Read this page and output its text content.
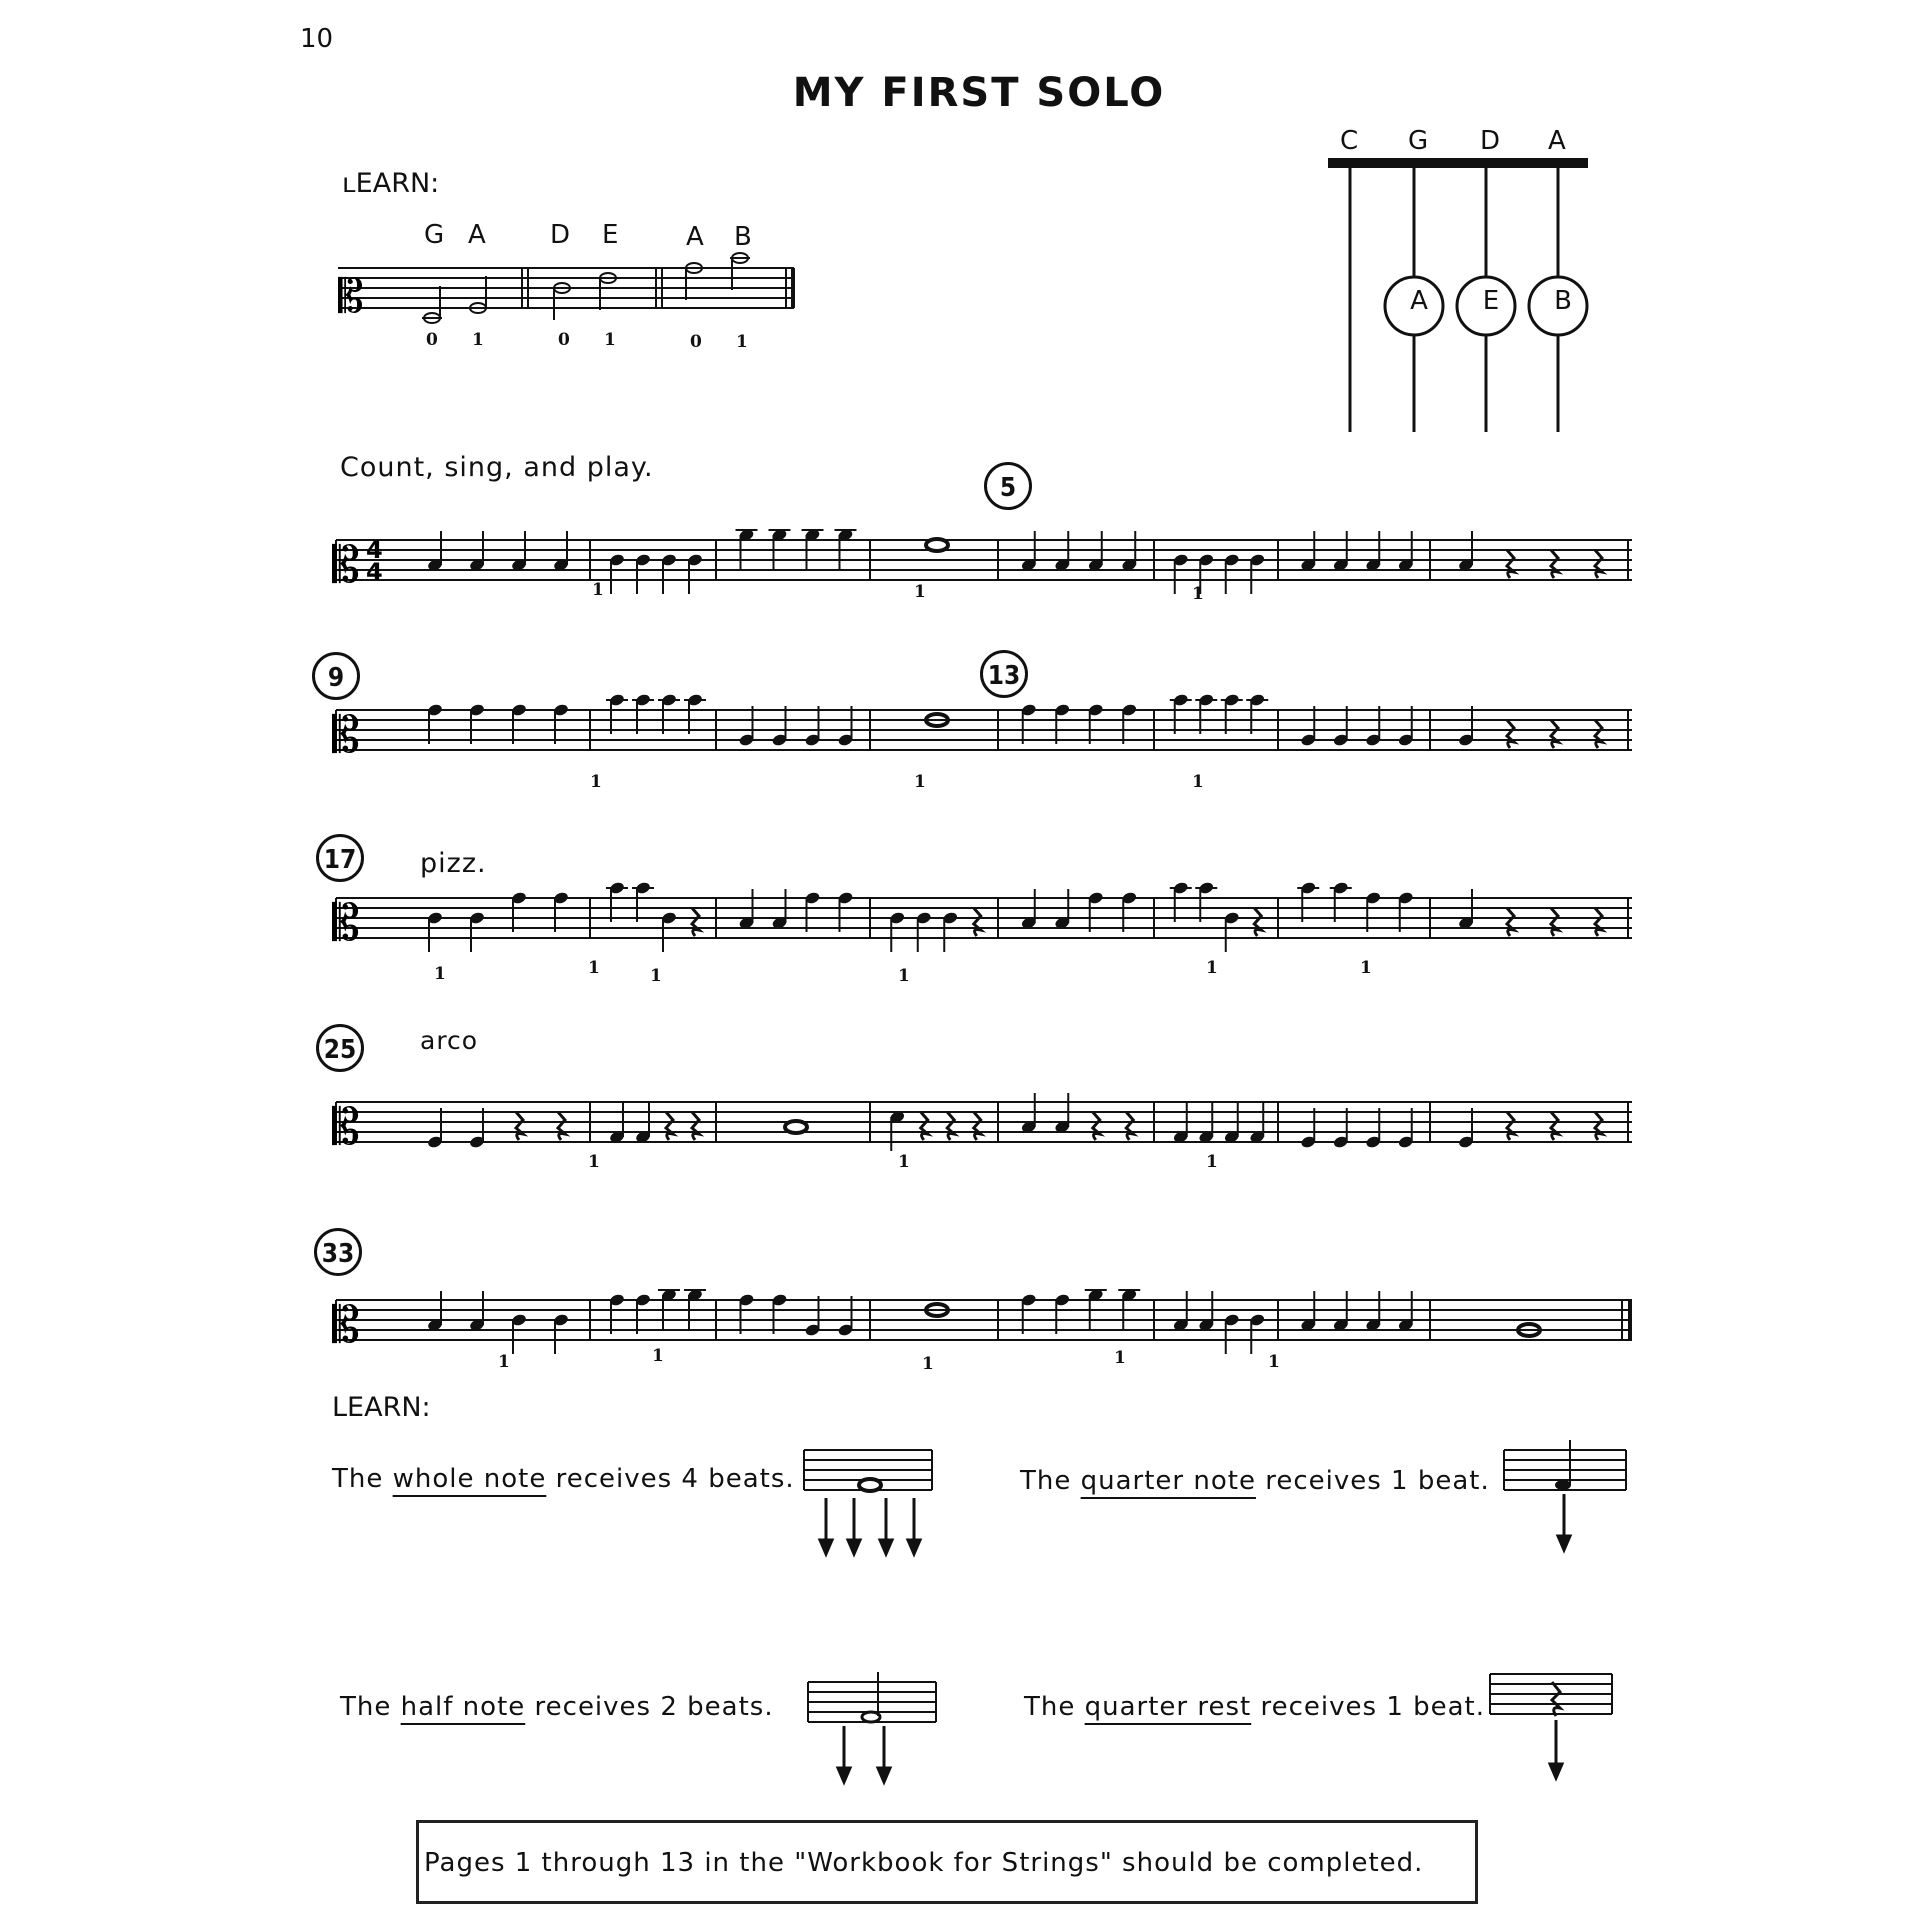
10
MY FIRST SOLO
ʟEARN:
G A D E	A B
0 1	0 1	0 1
𝄡
C G D A
A E B
Count, sing, and play.
𝄡 4
4
𝄡
𝄡
𝄡
𝄡
5
9	13
17 pizz.
25	arco
33
1	1	1
1	1	1
1	1	1	1	1	1
1	1	1
1	1	1	1	1
LEARN:
The whole note receives 4 beats.	The quarter note receives 1 beat.
The half note receives 2 beats.	The quarter rest receives 1 beat.
Pages 1 through 13 in the "Workbook for Strings" should be completed.
